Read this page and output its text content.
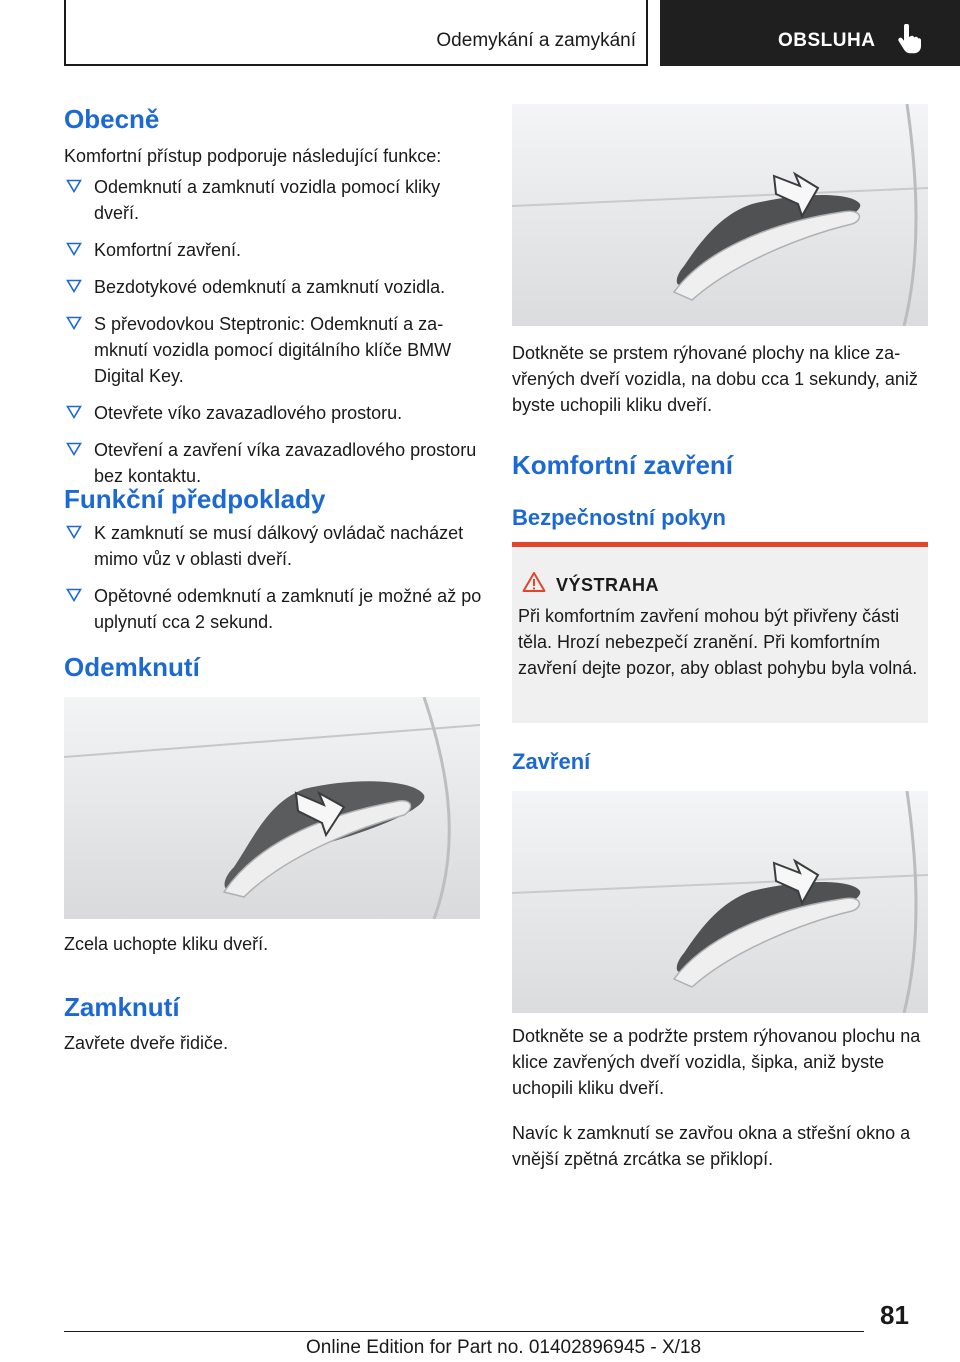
Odemykání a zamykání	OBSLUHA
Obecně
Komfortní přístup podporuje následující funkce:
Odemknutí a zamknutí vozidla pomocí kliky dveří.
Komfortní zavření.
Bezdotykové odemknutí a zamknutí vozidla.
S převodovkou Steptronic: Odemknutí a zamknutí vozidla pomocí digitálního klíče BMW Digital Key.
Otevřete víko zavazadlového prostoru.
Otevření a zavření víka zavazadlového prostoru bez kontaktu.
Funkční předpoklady
K zamknutí se musí dálkový ovládač nacházet mimo vůz v oblasti dveří.
Opětovné odemknutí a zamknutí je možné až po uplynutí cca 2 sekund.
Odemknutí
Zcela uchopte kliku dveří.
Zamknutí
Zavřete dveře řidiče.
Dotkněte se prstem rýhované plochy na klice zavřených dveří vozidla, na dobu cca 1 sekundy, aniž byste uchopili kliku dveří.
Komfortní zavření
Bezpečnostní pokyn
VÝSTRAHA
Při komfortním zavření mohou být přivřeny části těla. Hrozí nebezpečí zranění. Při komfortním zavření dejte pozor, aby oblast pohybu byla volná.
Zavření
Dotkněte se a podržte prstem rýhovanou plochu na klice zavřených dveří vozidla, šipka, aniž byste uchopili kliku dveří.
Navíc k zamknutí se zavřou okna a střešní okno a vnější zpětná zrcátka se přiklopí.
81
Online Edition for Part no. 01402896945 - X/18
